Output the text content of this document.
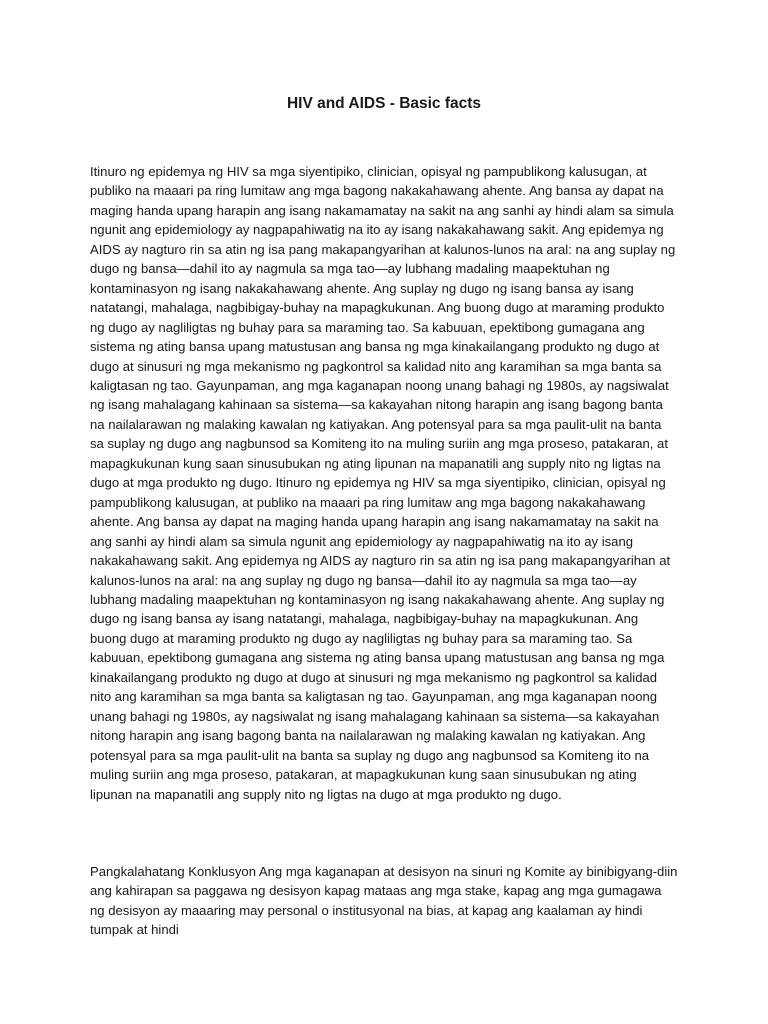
HIV and AIDS - Basic facts

Itinuro ng epidemya ng HIV sa mga siyentipiko, clinician, opisyal ng pampublikong kalusugan, at publiko na maaari pa ring lumitaw ang mga bagong nakakahawang ahente. Ang bansa ay dapat na maging handa upang harapin ang isang nakamamatay na sakit na ang sanhi ay hindi alam sa simula ngunit ang epidemiology ay nagpapahiwatig na ito ay isang nakakahawang sakit. Ang epidemya ng AIDS ay nagturo rin sa atin ng isa pang makapangyarihan at kalunos-lunos na aral: na ang suplay ng dugo ng bansa—dahil ito ay nagmula sa mga tao—ay lubhang madaling maapektuhan ng kontaminasyon ng isang nakakahawang ahente. Ang suplay ng dugo ng isang bansa ay isang natatangi, mahalaga, nagbibigay-buhay na mapagkukunan. Ang buong dugo at maraming produkto ng dugo ay nagliligtas ng buhay para sa maraming tao. Sa kabuuan, epektibong gumagana ang sistema ng ating bansa upang matustusan ang bansa ng mga kinakailangang produkto ng dugo at dugo at sinusuri ng mga mekanismo ng pagkontrol sa kalidad nito ang karamihan sa mga banta sa kaligtasan ng tao. Gayunpaman, ang mga kaganapan noong unang bahagi ng 1980s, ay nagsiwalat ng isang mahalagang kahinaan sa sistema—sa kakayahan nitong harapin ang isang bagong banta na nailalarawan ng malaking kawalan ng katiyakan. Ang potensyal para sa mga paulit-ulit na banta sa suplay ng dugo ang nagbunsod sa Komiteng ito na muling suriin ang mga proseso, patakaran, at mapagkukunan kung saan sinusubukan ng ating lipunan na mapanatili ang supply nito ng ligtas na dugo at mga produkto ng dugo. Itinuro ng epidemya ng HIV sa mga siyentipiko, clinician, opisyal ng pampublikong kalusugan, at publiko na maaari pa ring lumitaw ang mga bagong nakakahawang ahente. Ang bansa ay dapat na maging handa upang harapin ang isang nakamamatay na sakit na ang sanhi ay hindi alam sa simula ngunit ang epidemiology ay nagpapahiwatig na ito ay isang nakakahawang sakit. Ang epidemya ng AIDS ay nagturo rin sa atin ng isa pang makapangyarihan at kalunos-lunos na aral: na ang suplay ng dugo ng bansa—dahil ito ay nagmula sa mga tao—ay lubhang madaling maapektuhan ng kontaminasyon ng isang nakakahawang ahente. Ang suplay ng dugo ng isang bansa ay isang natatangi, mahalaga, nagbibigay-buhay na mapagkukunan. Ang buong dugo at maraming produkto ng dugo ay nagliligtas ng buhay para sa maraming tao. Sa kabuuan, epektibong gumagana ang sistema ng ating bansa upang matustusan ang bansa ng mga kinakailangang produkto ng dugo at dugo at sinusuri ng mga mekanismo ng pagkontrol sa kalidad nito ang karamihan sa mga banta sa kaligtasan ng tao. Gayunpaman, ang mga kaganapan noong unang bahagi ng 1980s, ay nagsiwalat ng isang mahalagang kahinaan sa sistema—sa kakayahan nitong harapin ang isang bagong banta na nailalarawan ng malaking kawalan ng katiyakan. Ang potensyal para sa mga paulit-ulit na banta sa suplay ng dugo ang nagbunsod sa Komiteng ito na muling suriin ang mga proseso, patakaran, at mapagkukunan kung saan sinusubukan ng ating lipunan na mapanatili ang supply nito ng ligtas na dugo at mga produkto ng dugo.

Pangkalahatang Konklusyon Ang mga kaganapan at desisyon na sinuri ng Komite ay binibigyang-diin ang kahirapan sa paggawa ng desisyon kapag mataas ang mga stake, kapag ang mga gumagawa ng desisyon ay maaaring may personal o institusyonal na bias, at kapag ang kaalaman ay hindi tumpak at hindi
